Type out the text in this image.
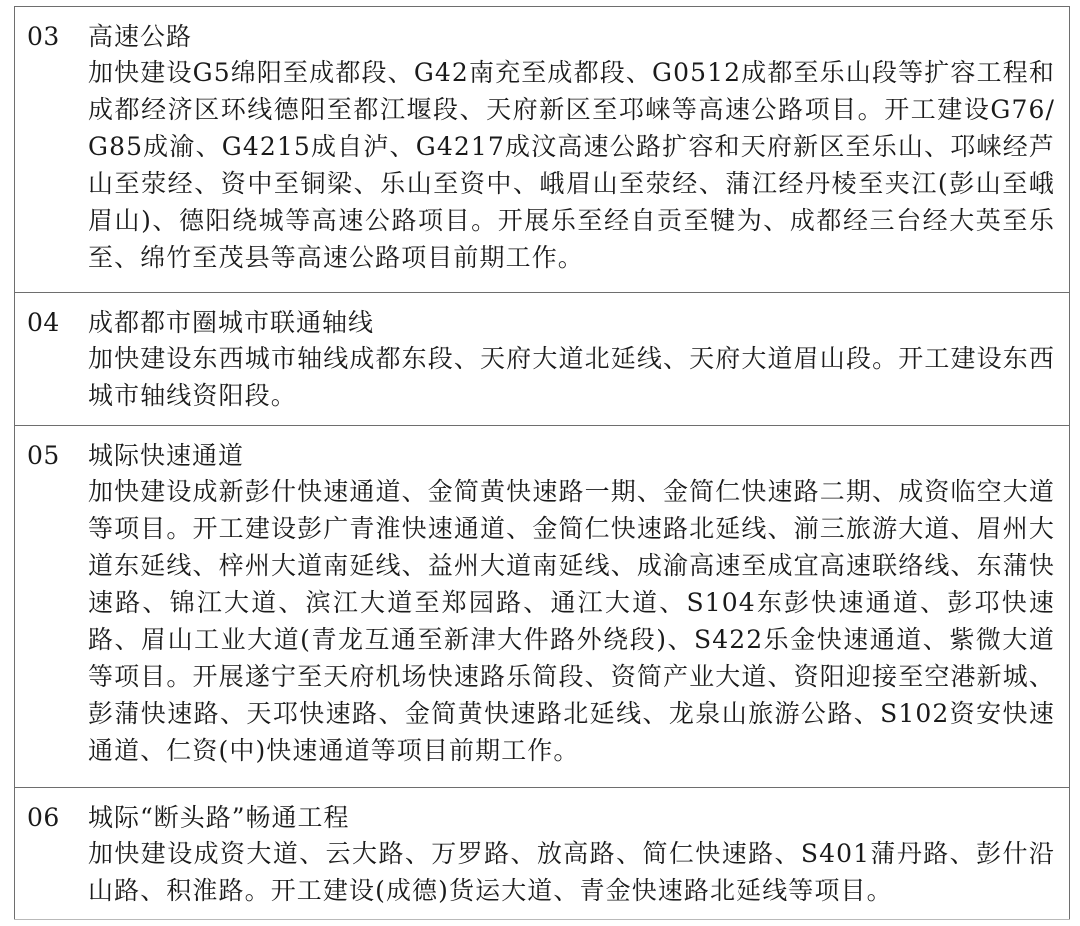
03 高速公路
加快建设G5绵阳至成都段、G42南充至成都段、G0512成都至乐山段等扩容工程和成都经济区环线德阳至都江堰段、天府新区至邛崃等高速公路项目。开工建设G76/G85成渝、G4215成自泸、G4217成汶高速公路扩容和天府新区至乐山、邛崃经芦山至荥经、资中至铜梁、乐山至资中、峨眉山至荥经、蒲江经丹棱至夹江(彭山至峨眉山)、德阳绕城等高速公路项目。开展乐至经自贡至犍为、成都经三台经大英至乐至、绵竹至茂县等高速公路项目前期工作。
04 成都都市圈城市联通轴线
加快建设东西城市轴线成都东段、天府大道北延线、天府大道眉山段。开工建设东西城市轴线资阳段。
05 城际快速通道
加快建设成新彭什快速通道、金简黄快速路一期、金简仁快速路二期、成资临空大道等项目。开工建设彭广青淮快速通道、金简仁快速路北延线、湔三旅游大道、眉州大道东延线、梓州大道南延线、益州大道南延线、成渝高速至成宜高速联络线、东蒲快速路、锦江大道、滨江大道至郑园路、通江大道、S104东彭快速通道、彭邛快速路、眉山工业大道(青龙互通至新津大件路外绕段)、S422乐金快速通道、紫微大道等项目。开展遂宁至天府机场快速路乐简段、资简产业大道、资阳迎接至空港新城、彭蒲快速路、天邛快速路、金简黄快速路北延线、龙泉山旅游公路、S102资安快速通道、仁资(中)快速通道等项目前期工作。
06 城际“断头路”畅通工程
加快建设成资大道、云大路、万罗路、放高路、简仁快速路、S401蒲丹路、彭什沿山路、积淮路。开工建设(成德)货运大道、青金快速路北延线等项目。
